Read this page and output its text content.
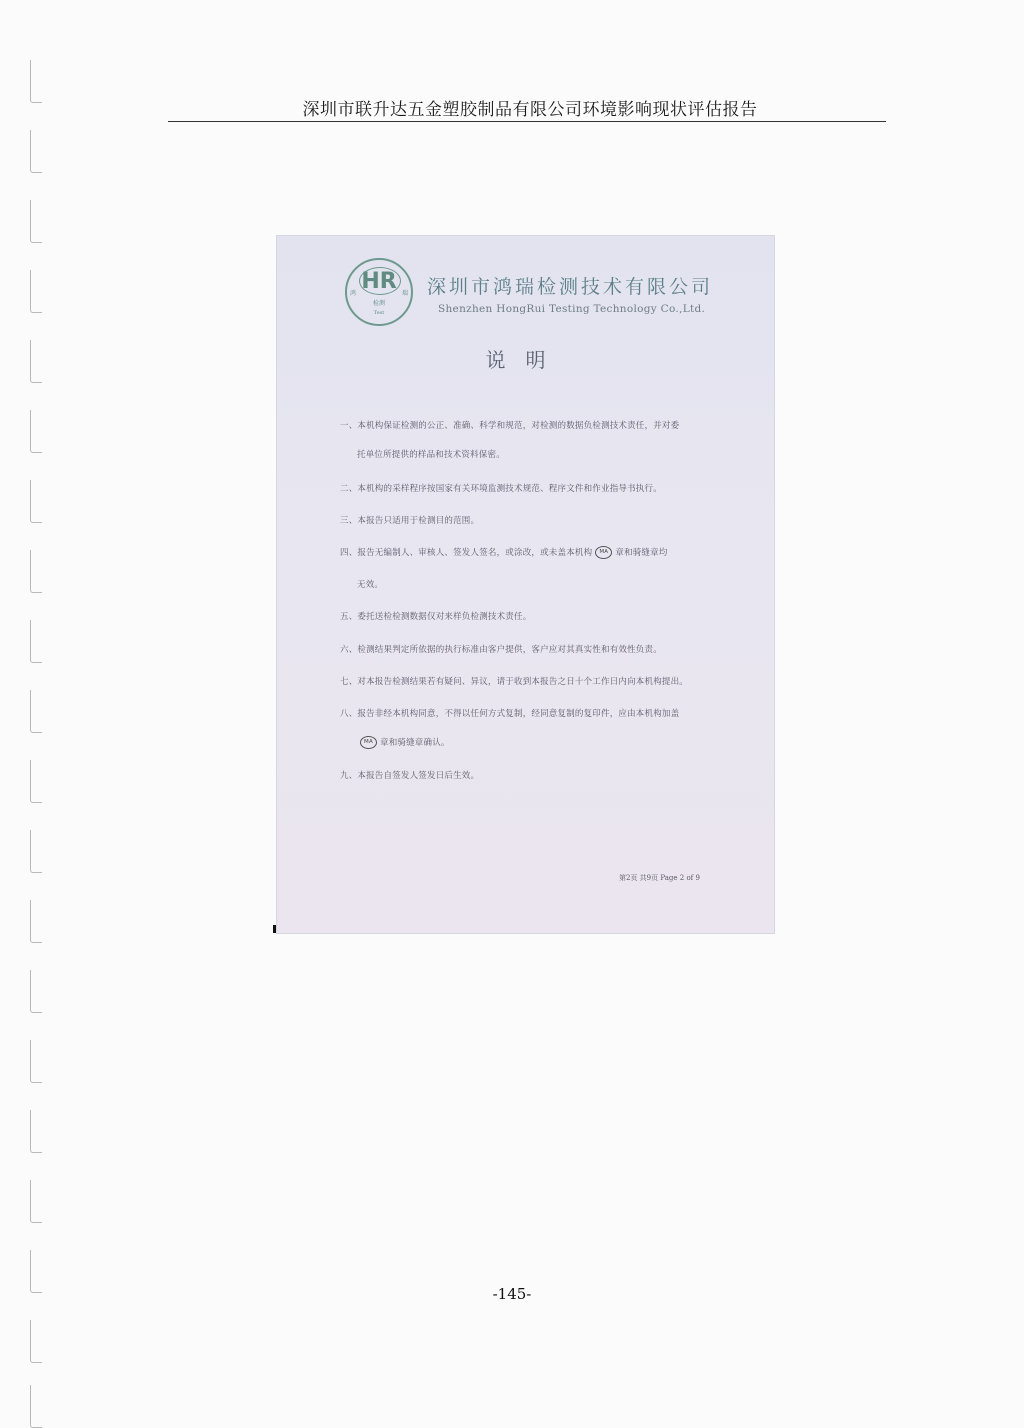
深圳市联升达五金塑胶制品有限公司环境影响现状评估报告
HR
鸿	瑞
检测
Test
深圳市鸿瑞检测技术有限公司
Shenzhen HongRui Testing Technology Co.,Ltd.
说明
一、本机构保证检测的公正、准确、科学和规范，对检测的数据负检测技术责任，并对委
托单位所提供的样品和技术资料保密。
二、本机构的采样程序按国家有关环境监测技术规范、程序文件和作业指导书执行。
三、本报告只适用于检测目的范围。
四、报告无编制人、审核人、签发人签名，或涂改，或未盖本机构 MA 章和骑缝章均
无效。
五、委托送检检测数据仅对来样负检测技术责任。
六、检测结果判定所依据的执行标准由客户提供，客户应对其真实性和有效性负责。
七、对本报告检测结果若有疑问、异议，请于收到本报告之日十个工作日内向本机构提出。
八、报告非经本机构同意，不得以任何方式复制，经同意复制的复印件，应由本机构加盖
MA 章和骑缝章确认。
九、本报告自签发人签发日后生效。
第2页 共9页 Page 2 of 9
-145-
